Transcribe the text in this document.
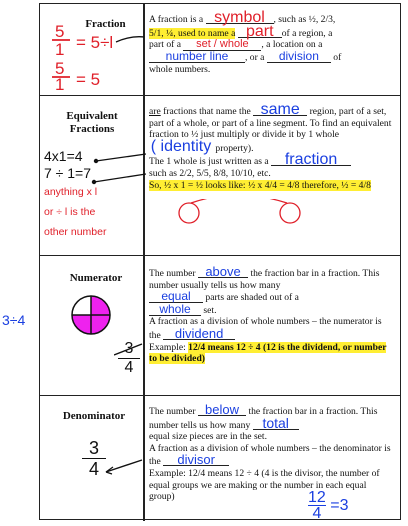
3÷4
Fraction
5
1 = 5÷l
5
1 = 5
A fraction is a symbol , such as ½, 2/3,
5/1, ¼, used to name a part of a region, a
part of a set / whole , a location on a
number line , or a division of
whole numbers.
Equivalent Fractions
4x1=4
7 ÷ 1=7
anything x l
or ÷ l is the
other number
are fractions that name the same region, part of a set, part of a whole, or part of a line segment. To find an equivalent fraction to ½ just multiply or divide it by 1 whole
( identity property).
The 1 whole is just written as a fraction
such as 2/2, 5/5, 8/8, 10/10, etc.
So, ½ x 1 = ½ looks like: ½ x 4/4 = 4/8 therefore, ½ = 4/8
Numerator
3
4
The number above the fraction bar in a fraction. This number usually tells us how many
equal parts are shaded out of a
whole set.
A fraction as a division of whole numbers – the numerator is the dividend
Example: 12/4 means 12 ÷ 4 (12 is the dividend, or number to be divided)
Denominator
3
4
The number below the fraction bar in a fraction. This number tells us how many total
equal size pieces are in the set.
A fraction as a division of whole numbers – the denominator is the divisor
Example: 12/4 means 12 ÷ 4 (4 is the divisor, the number of equal groups we are making or the number in each equal group)	$\frac{12}{4} =3$
